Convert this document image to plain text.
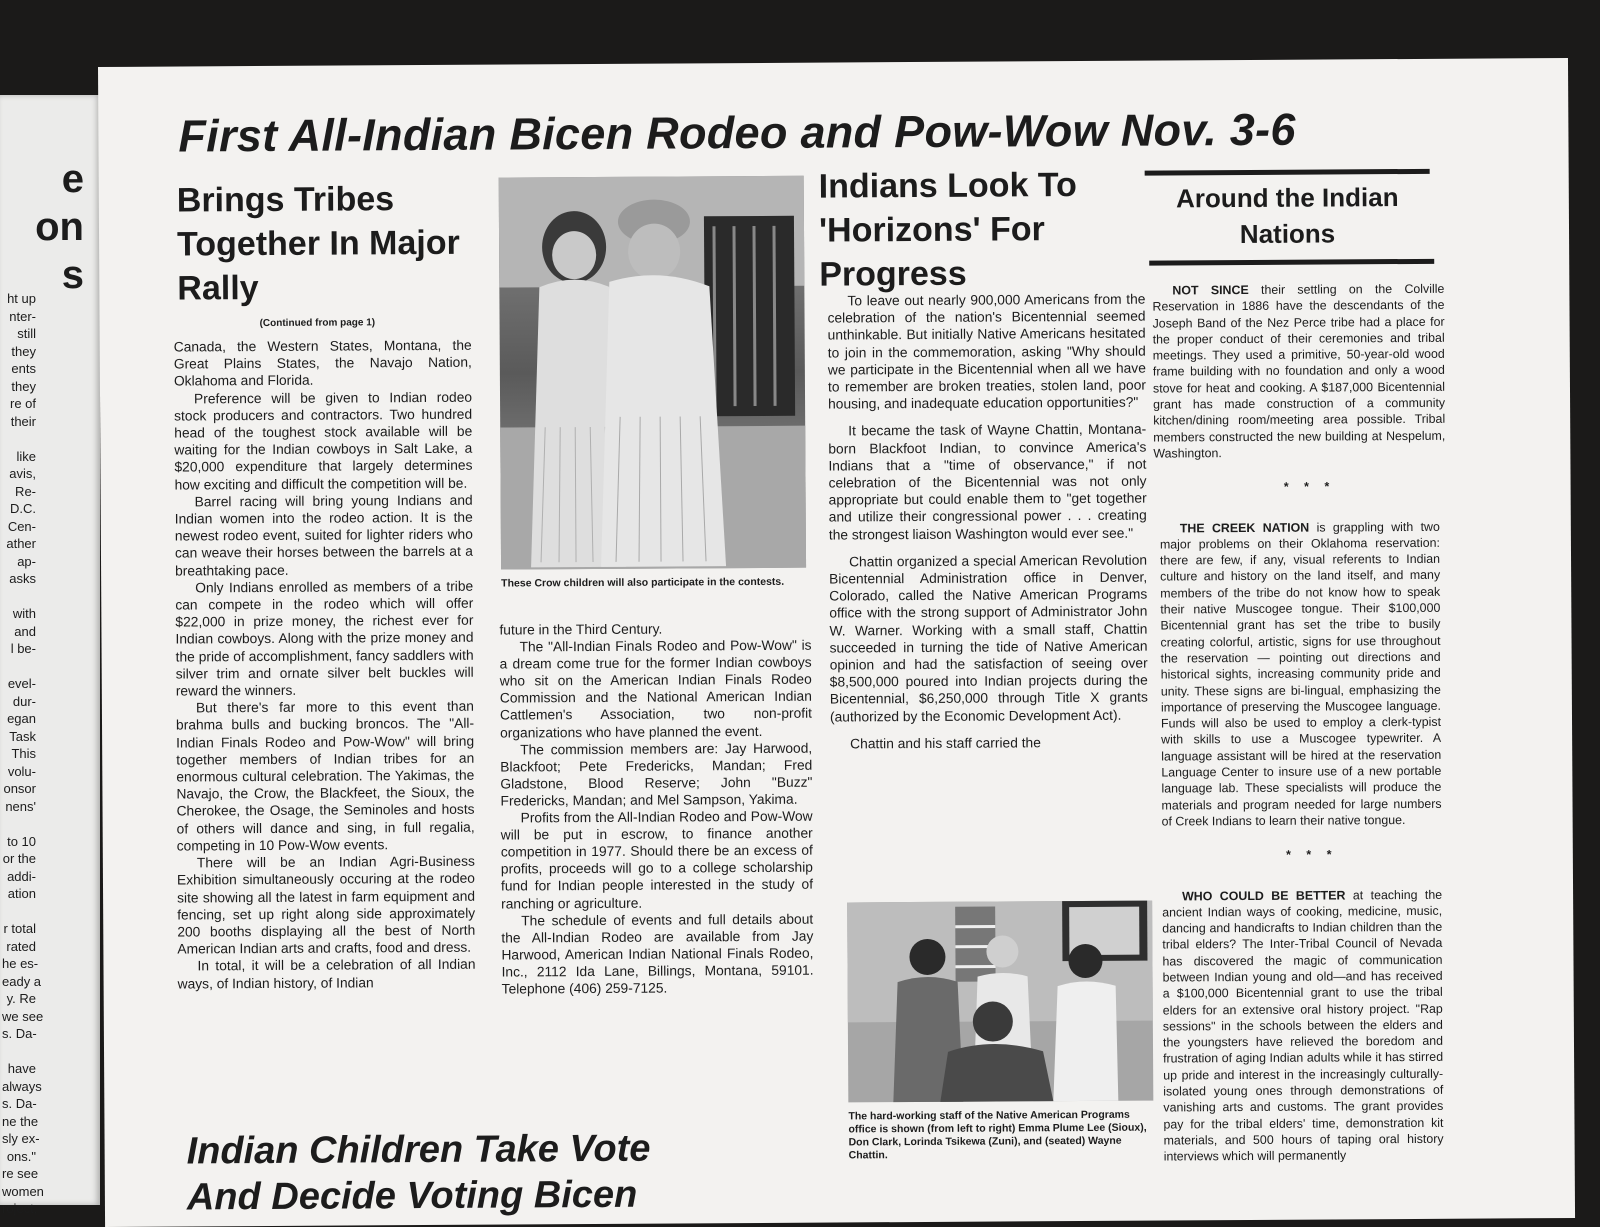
e
on
s
ht up
nter-
still
they
ents
they
re of
their

like
avis,
Re-
D.C.
Cen-
ather
ap-
asks

with
and
l be-

evel-
dur-
egan
Task
This
volu-
onsor
nens'

to 10
or the
addi-
ation

r total
rated
he es-
eady a
y. Re
we see
s. Da-

have
always
s. Da-
ne the
sly ex-
ons."
re see
women
roject,
First All-Indian Bicen Rodeo and Pow-Wow Nov. 3-6
Brings Tribes Together In Major Rally
(Continued from page 1)

Canada, the Western States, Montana, the Great Plains States, the Navajo Nation, Oklahoma and Florida.

Preference will be given to Indian rodeo stock producers and contractors. Two hundred head of the toughest stock available will be waiting for the Indian cowboys in Salt Lake, a $20,000 expenditure that largely determines how exciting and difficult the competition will be.

Barrel racing will bring young Indians and Indian women into the rodeo action. It is the newest rodeo event, suited for lighter riders who can weave their horses between the barrels at a breathtaking pace.

Only Indians enrolled as members of a tribe can compete in the rodeo which will offer $22,000 in prize money, the richest ever for Indian cowboys. Along with the prize money and the pride of accomplishment, fancy saddlers with silver trim and ornate silver belt buckles will reward the winners.

But there's far more to this event than brahma bulls and bucking broncos. The "All-Indian Finals Rodeo and Pow-Wow" will bring together members of Indian tribes for an enormous cultural celebration. The Yakimas, the Navajo, the Crow, the Blackfeet, the Sioux, the Cherokee, the Osage, the Seminoles and hosts of others will dance and sing, in full regalia, competing in 10 Pow-Wow events.

There will be an Indian Agri-Business Exhibition simultaneously occuring at the rodeo site showing all the latest in farm equipment and fencing, set up right along side approximately 200 booths displaying all the best of North American Indian arts and crafts, food and dress.

In total, it will be a celebration of all Indian ways, of Indian history, of Indian

These Crow children will also participate in the contests.

future in the Third Century.

The "All-Indian Finals Rodeo and Pow-Wow" is a dream come true for the former Indian cowboys who sit on the American Indian Finals Rodeo Commission and the National American Indian Cattlemen's Association, two non-profit organizations who have planned the event.

The commission members are: Jay Harwood, Blackfoot; Pete Fredericks, Mandan; Fred Gladstone, Blood Reserve; John "Buzz" Fredericks, Mandan; and Mel Sampson, Yakima.

Profits from the All-Indian Rodeo and Pow-Wow will be put in escrow, to finance another competition in 1977. Should there be an excess of profits, proceeds will go to a college scholarship fund for Indian people interested in the study of ranching or agriculture.

The schedule of events and full details about the All-Indian Rodeo are available from Jay Harwood, American Indian National Finals Rodeo, Inc., 2112 Ida Lane, Billings, Montana, 59101. Telephone (406) 259-7125.

Indians Look To 'Horizons' For Progress

To leave out nearly 900,000 Americans from the celebration of the nation's Bicentennial seemed unthinkable. But initially Native Americans hesitated to join in the commemoration, asking "Why should we participate in the Bicentennial when all we have to remember are broken treaties, stolen land, poor housing, and inadequate education opportunities?"

It became the task of Wayne Chattin, Montana-born Blackfoot Indian, to convince America's Indians that a "time of observance," if not celebration of the Bicentennial was not only appropriate but could enable them to "get together and utilize their congressional power . . . creating the strongest liaison Washington would ever see."

Chattin organized a special American Revolution Bicentennial Administration office in Denver, Colorado, called the Native American Programs office with the strong support of Administrator John W. Warner. Working with a small staff, Chattin succeeded in turning the tide of Native American opinion and had the satisfaction of seeing over $8,500,000 poured into Indian projects during the Bicentennial, $6,250,000 through Title X grants (authorized by the Economic Development Act).

Chattin and his staff carried the

The hard-working staff of the Native American Programs office is shown (from left to right) Emma Plume Lee (Sioux), Don Clark, Lorinda Tsikewa (Zuni), and (seated) Wayne Chattin.
Around the Indian Nations

NOT SINCE their settling on the Colville Reservation in 1886 have the descendants of the Joseph Band of the Nez Perce tribe had a place for the proper conduct of their ceremonies and tribal meetings. They used a primitive, 50-year-old wood frame building with no foundation and only a wood stove for heat and cooking. A $187,000 Bicentennial grant has made construction of a community kitchen/dining room/meeting area possible. Tribal members constructed the new building at Nespelum, Washington.

* * *

THE CREEK NATION is grappling with two major problems on their Oklahoma reservation: there are few, if any, visual referents to Indian culture and history on the land itself, and many members of the tribe do not know how to speak their native Muscogee tongue. Their $100,000 Bicentennial grant has set the tribe to busily creating colorful, artistic, signs for use throughout the reservation — pointing out directions and historical sights, increasing community pride and unity. These signs are bi-lingual, emphasizing the importance of preserving the Muscogee language. Funds will also be used to employ a clerk-typist with skills to use a Muscogee typewriter. A language assistant will be hired at the reservation Language Center to insure use of a new portable language lab. These specialists will produce the materials and program needed for large numbers of Creek Indians to learn their native tongue.

* * *

WHO COULD BE BETTER at teaching the ancient Indian ways of cooking, medicine, music, dancing and handicrafts to Indian children than the tribal elders? The Inter-Tribal Council of Nevada has discovered the magic of communication between Indian young and old—and has received a $100,000 Bicentennial grant to use the tribal elders for an extensive oral history project. "Rap sessions" in the schools between the elders and the youngsters have relieved the boredom and frustration of aging Indian adults while it has stirred up pride and interest in the increasingly culturally-isolated young ones through demonstrations of vanishing arts and customs. The grant provides pay for the tribal elders' time, demonstration kit materials, and 500 hours of taping oral history interviews which will permanently

Indian Children Take Vote
And Decide Voting Bicen
